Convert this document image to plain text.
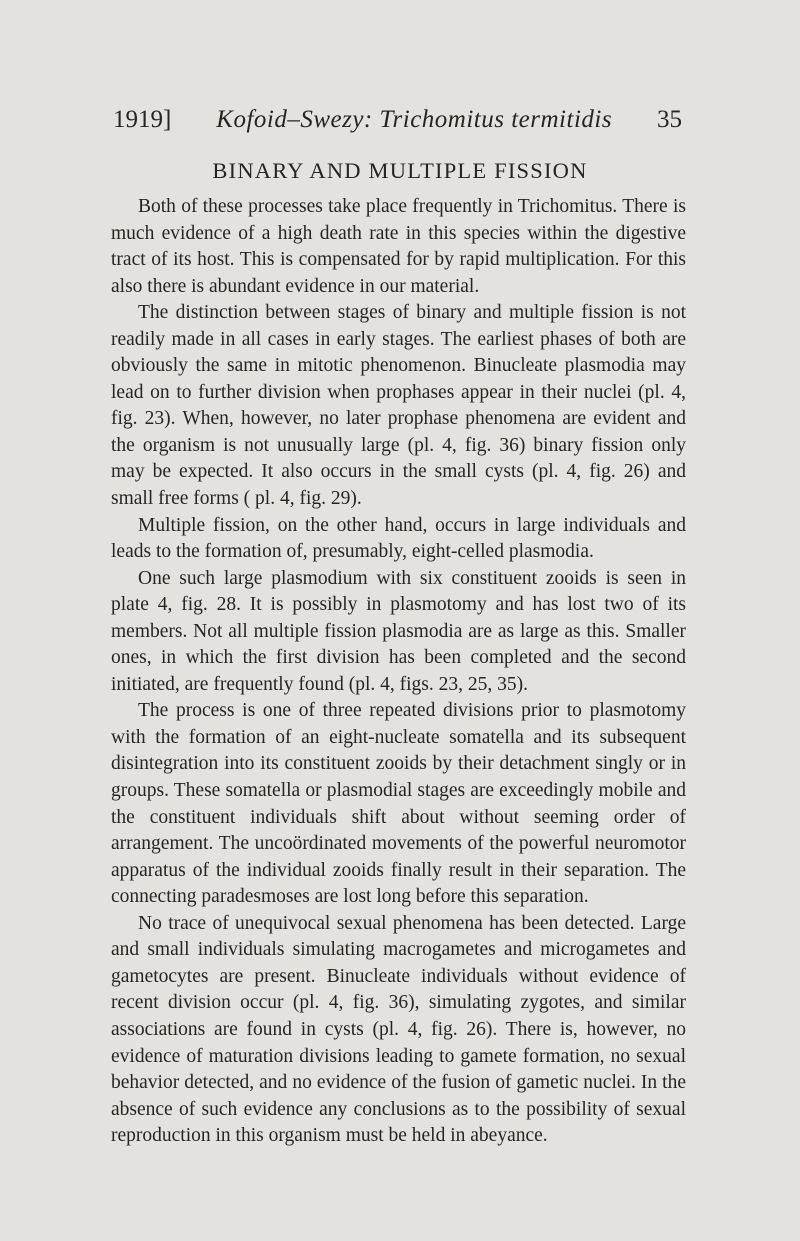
1919] Kofoid–Swezy: Trichomitus termitidis 35
BINARY AND MULTIPLE FISSION

Both of these processes take place frequently in Trichomitus. There is much evidence of a high death rate in this species within the digestive tract of its host. This is compensated for by rapid multiplication. For this also there is abundant evidence in our material.

The distinction between stages of binary and multiple fission is not readily made in all cases in early stages. The earliest phases of both are obviously the same in mitotic phenomenon. Binucleate plasmodia may lead on to further division when prophases appear in their nuclei (pl. 4, fig. 23). When, however, no later prophase phenomena are evident and the organism is not unusually large (pl. 4, fig. 36) binary fission only may be expected. It also occurs in the small cysts (pl. 4, fig. 26) and small free forms ( pl. 4, fig. 29).

Multiple fission, on the other hand, occurs in large individuals and leads to the formation of, presumably, eight-celled plasmodia.

One such large plasmodium with six constituent zooids is seen in plate 4, fig. 28. It is possibly in plasmotomy and has lost two of its members. Not all multiple fission plasmodia are as large as this. Smaller ones, in which the first division has been completed and the second initiated, are frequently found (pl. 4, figs. 23, 25, 35).

The process is one of three repeated divisions prior to plasmotomy with the formation of an eight-nucleate somatella and its subsequent disintegration into its constituent zooids by their detachment singly or in groups. These somatella or plasmodial stages are exceedingly mobile and the constituent individuals shift about without seeming order of arrangement. The uncoördinated movements of the powerful neuromotor apparatus of the individual zooids finally result in their separation. The connecting paradesmoses are lost long before this separation.

No trace of unequivocal sexual phenomena has been detected. Large and small individuals simulating macrogametes and microgametes and gametocytes are present. Binucleate individuals without evidence of recent division occur (pl. 4, fig. 36), simulating zygotes, and similar associations are found in cysts (pl. 4, fig. 26). There is, however, no evidence of maturation divisions leading to gamete formation, no sexual behavior detected, and no evidence of the fusion of gametic nuclei. In the absence of such evidence any conclusions as to the possibility of sexual reproduction in this organism must be held in abeyance.
